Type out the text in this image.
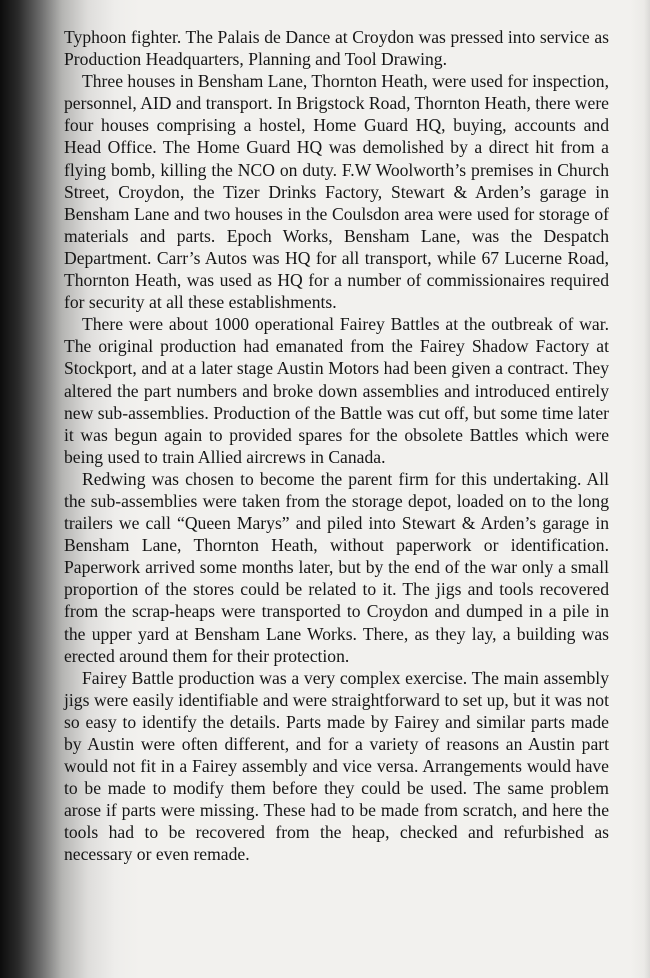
Typhoon fighter. The Palais de Dance at Croydon was pressed into service as Production Headquarters, Planning and Tool Drawing.

Three houses in Bensham Lane, Thornton Heath, were used for inspection, personnel, AID and transport. In Brigstock Road, Thornton Heath, there were four houses comprising a hostel, Home Guard HQ, buying, accounts and Head Office. The Home Guard HQ was demolished by a direct hit from a flying bomb, killing the NCO on duty. F.W Woolworth’s premises in Church Street, Croydon, the Tizer Drinks Factory, Stewart & Arden’s garage in Bensham Lane and two houses in the Coulsdon area were used for storage of materials and parts. Epoch Works, Bensham Lane, was the Despatch Department. Carr’s Autos was HQ for all transport, while 67 Lucerne Road, Thornton Heath, was used as HQ for a number of commissionaires required for security at all these establishments.

There were about 1000 operational Fairey Battles at the outbreak of war. The original production had emanated from the Fairey Shadow Factory at Stockport, and at a later stage Austin Motors had been given a contract. They altered the part numbers and broke down assemblies and introduced entirely new sub-assemblies. Production of the Battle was cut off, but some time later it was begun again to provided spares for the obsolete Battles which were being used to train Allied aircrews in Canada.

Redwing was chosen to become the parent firm for this undertaking. All the sub-assemblies were taken from the storage depot, loaded on to the long trailers we call “Queen Marys” and piled into Stewart & Arden’s garage in Bensham Lane, Thornton Heath, without paperwork or identification. Paperwork arrived some months later, but by the end of the war only a small proportion of the stores could be related to it. The jigs and tools recovered from the scrap-heaps were transported to Croydon and dumped in a pile in the upper yard at Bensham Lane Works. There, as they lay, a building was erected around them for their protection.

Fairey Battle production was a very complex exercise. The main assembly jigs were easily identifiable and were straightforward to set up, but it was not so easy to identify the details. Parts made by Fairey and similar parts made by Austin were often different, and for a variety of reasons an Austin part would not fit in a Fairey assembly and vice versa. Arrangements would have to be made to modify them before they could be used. The same problem arose if parts were missing. These had to be made from scratch, and here the tools had to be recovered from the heap, checked and refurbished as necessary or even remade.
